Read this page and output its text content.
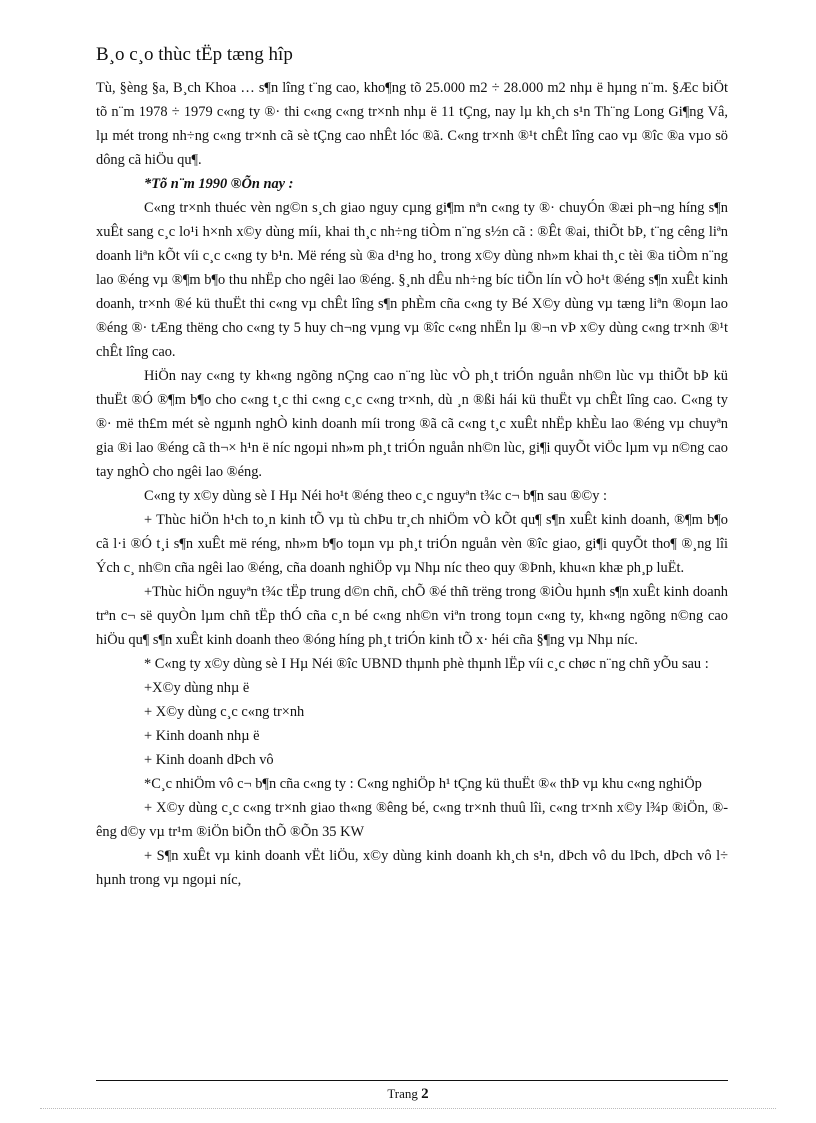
B¸o c¸o thùc tËp tæng hîp

Tù, §èng §a, B¸ch Khoa … s¶n lîng t¨ng cao, kho¶ng tõ 25.000 m2 ÷ 28.000 m2 nhµ ë hµng n¨m. §Æc biÖt tõ n¨m 1978 ÷ 1979 c«ng ty ®· thi c«ng c«ng tr×nh nhµ ë 11 tÇng, nay lµ kh¸ch s¹n Th¨ng Long Gi¶ng Vâ, lµ mét trong nh÷ng c«ng tr×nh cã sè tÇng cao nhÊt lóc ®ã. C«ng tr×nh ®¹t chÊt lîng cao vµ ®îc ®a vµo sö dông cã hiÖu qu¶.

*Tõ n¨m 1990 ®Õn nay :

C«ng tr×nh thuéc vèn ng©n s¸ch giao nguy cµng gi¶m nªn c«ng ty ®· chuyÓn ®æi ph¬ng híng s¶n xuÊt sang c¸c lo¹i h×nh x©y dùng míi, khai th¸c nh÷ng tiÒm n¨ng s½n cã : ®Êt ®ai, thiÕt bÞ, t¨ng cêng liªn doanh liªn kÕt víi c¸c c«ng ty b¹n. Më réng sù ®a d¹ng ho¸ trong x©y dùng nh»m khai th¸c tèi ®a tiÒm n¨ng lao ®éng vµ ®¶m b¶o thu nhËp cho ngêi lao ®éng. §¸nh dÊu nh÷ng bíc tiÕn lín vÒ ho¹t ®éng s¶n xuÊt kinh doanh, tr×nh ®é kü thuËt thi c«ng vµ chÊt lîng s¶n phÈm cña c«ng ty Bé X©y dùng vµ tæng liªn ®oµn lao ®éng ®· tÆng thëng cho c«ng ty 5 huy ch¬ng vµng vµ ®îc c«ng nhËn lµ ®¬n vÞ x©y dùng c«ng tr×nh ®¹t chÊt lîng cao.

HiÖn nay c«ng ty kh«ng ngõng nÇng cao n¨ng lùc vÒ ph¸t triÓn nguån nh©n lùc vµ thiÕt bÞ kü thuËt ®Ó ®¶m b¶o cho c«ng t¸c thi c«ng c¸c c«ng tr×nh, dù ¸n ®ßi hái kü thuËt vµ chÊt lîng cao. C«ng ty ®· më th£m mét sè ngµnh nghÒ kinh doanh míi trong ®ã cã c«ng t¸c xuÊt nhËp khÈu lao ®éng vµ chuyªn gia ®i lao ®éng cã th¬× h¹n ë níc ngoµi nh»m ph¸t triÓn nguån nh©n lùc, gi¶i quyÕt viÖc lµm vµ n©ng cao tay nghÒ cho ngêi lao ®éng.

C«ng ty x©y dùng sè I Hµ Néi ho¹t ®éng theo c¸c nguyªn t¾c c¬ b¶n sau ®©y :

+ Thùc hiÖn h¹ch to¸n kinh tÕ vµ tù chÞu tr¸ch nhiÖm vÒ kÕt qu¶ s¶n xuÊt kinh doanh, ®¶m b¶o cã l·i ®Ó t¸i s¶n xuÊt më réng, nh»m b¶o toµn vµ ph¸t triÓn nguån vèn ®îc giao, gi¶i quyÕt tho¶ ®¸ng lîi Ých c¸ nh©n cña ngêi lao ®éng, cña doanh nghiÖp vµ Nhµ níc theo quy ®Þnh, khu«n khæ ph¸p luËt.

+Thùc hiÖn nguyªn t¾c tËp trung d©n chñ, chÕ ®é thñ trëng trong ®iÒu hµnh s¶n xuÊt kinh doanh trªn c¬ së quyÒn lµm chñ tËp thÓ cña c¸n bé c«ng nh©n viªn trong toµn c«ng ty, kh«ng ngõng n©ng cao hiÖu qu¶ s¶n xuÊt kinh doanh theo ®óng híng ph¸t triÓn kinh tÕ x· héi cña §¶ng vµ Nhµ níc.

* C«ng ty x©y dùng sè I Hµ Néi ®îc UBND thµnh phè thµnh lËp víi c¸c chøc n¨ng chñ yÕu sau :

+X©y dùng nhµ ë

+ X©y dùng c¸c c«ng tr×nh

+ Kinh doanh nhµ ë

+ Kinh doanh dÞch vô

*C¸c nhiÖm vô c¬ b¶n cña c«ng ty : C«ng nghiÖp h¹ tÇng kü thuËt ®« thÞ vµ khu c«ng nghiÖp

+ X©y dùng c¸c c«ng tr×nh giao th«ng ®êng bé, c«ng tr×nh thuû lîi, c«ng tr×nh x©y l¾p ®iÖn, ®êng d©y vµ tr¹m ®iÖn biÕn thÕ ®Õn 35 KW

+ S¶n xuÊt vµ kinh doanh vËt liÖu, x©y dùng kinh doanh kh¸ch s¹n, dÞch vô du lÞch, dÞch vô l÷ hµnh trong vµ ngoµi níc,

Trang 2
